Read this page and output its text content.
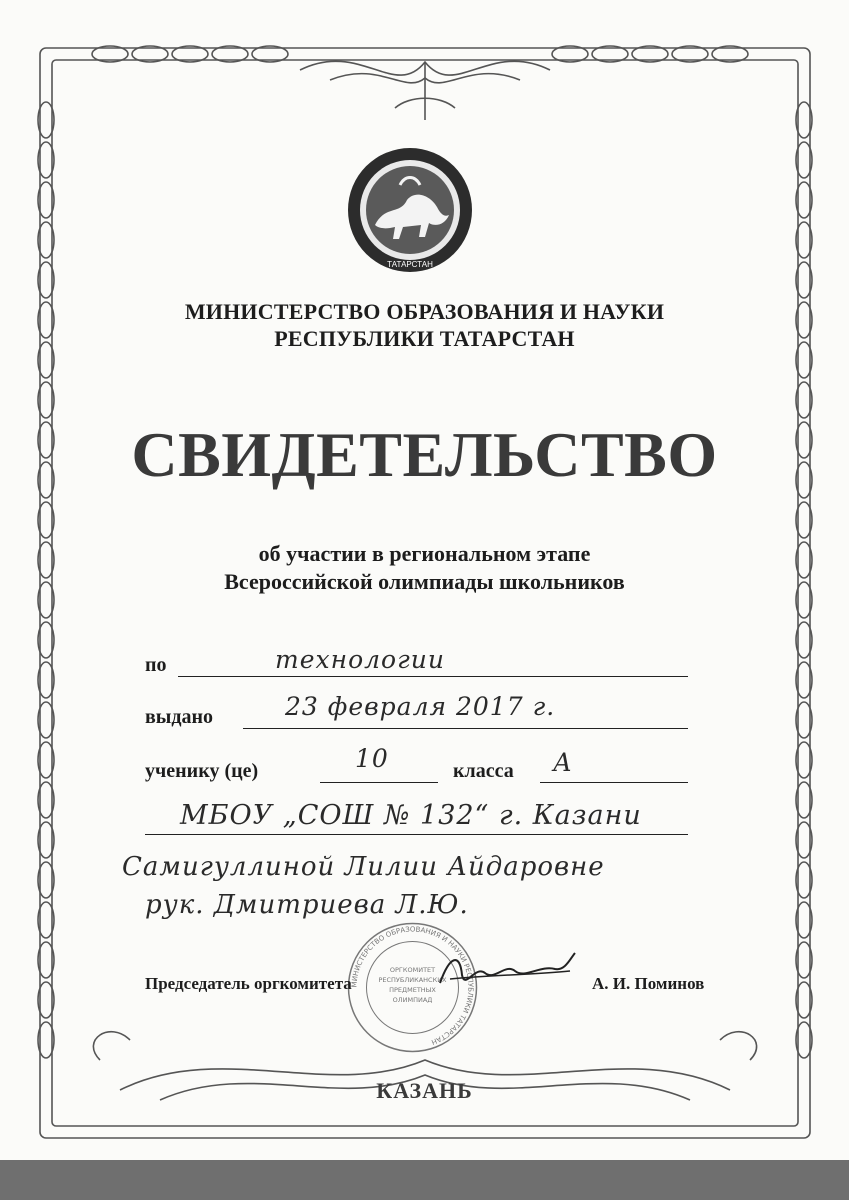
ТАТАРСТАН
МИНИСТЕРСТВО ОБРАЗОВАНИЯ И НАУКИ
РЕСПУБЛИКИ ТАТАРСТАН
СВИДЕТЕЛЬСТВО
об участии в региональном этапе
Всероссийской олимпиады школьников
по	технологии
выдано	23 февраля 2017 г.
ученику (це)	10	класса А
МБОУ „СОШ № 132“ г. Казани
Самигуллиной Лилии Айдаровне
рук. Дмитриева Л.Ю.
МИНИСТЕРСТВО ОБРАЗОВАНИЯ И НАУКИ РЕСПУБЛИКИ ТАТАРСТАН
ОРГКОМИТЕТ
РЕСПУБЛИКАНСКИХ
ПРЕДМЕТНЫХ
ОЛИМПИАД
Председатель оргкомитета	А. И. Поминов
КАЗАНЬ
